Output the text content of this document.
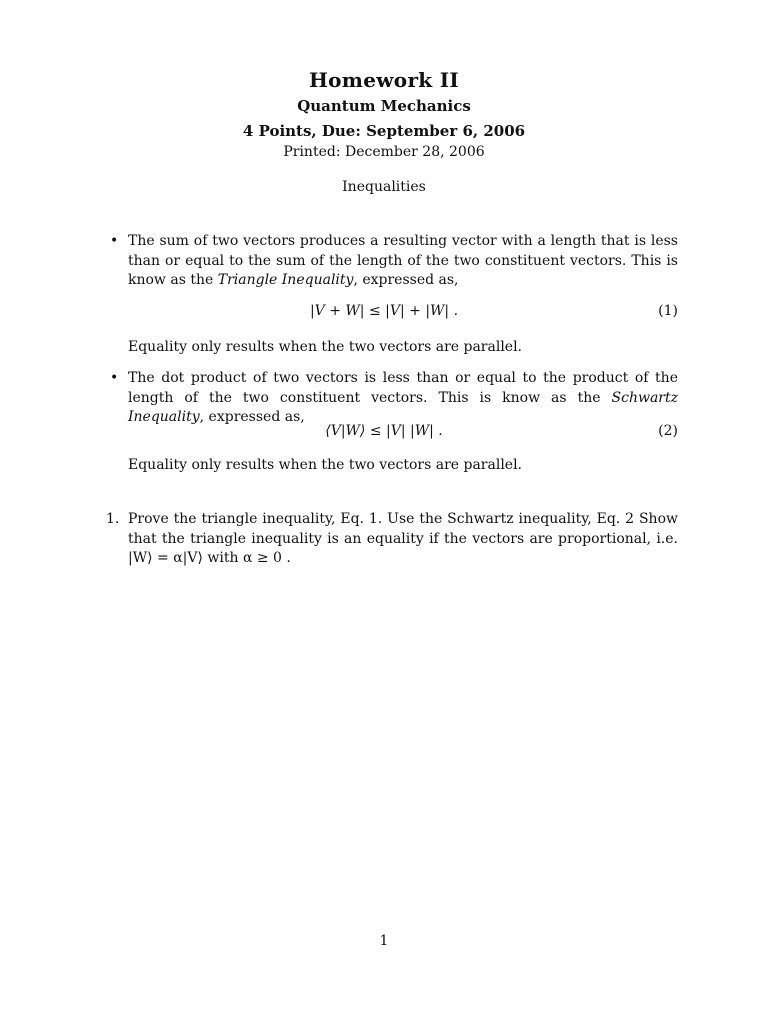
Homework II
Quantum Mechanics
4 Points, Due: September 6, 2006
Printed: December 28, 2006
Inequalities
• The sum of two vectors produces a resulting vector with a length that is less than or equal to the sum of the length of the two constituent vectors. This is know as the Triangle Inequality, expressed as,
|V + W| ≤ |V| + |W| .	(1)
Equality only results when the two vectors are parallel.
• The dot product of two vectors is less than or equal to the product of the length of the two constituent vectors. This is know as the Schwartz Inequality, expressed as,
⟨V|W⟩ ≤ |V| |W| .	(2)
Equality only results when the two vectors are parallel.
1. Prove the triangle inequality, Eq. 1. Use the Schwartz inequality, Eq. 2 Show that the triangle inequality is an equality if the vectors are proportional, i.e. |W⟩ = α|V⟩ with α ≥ 0 .
1
